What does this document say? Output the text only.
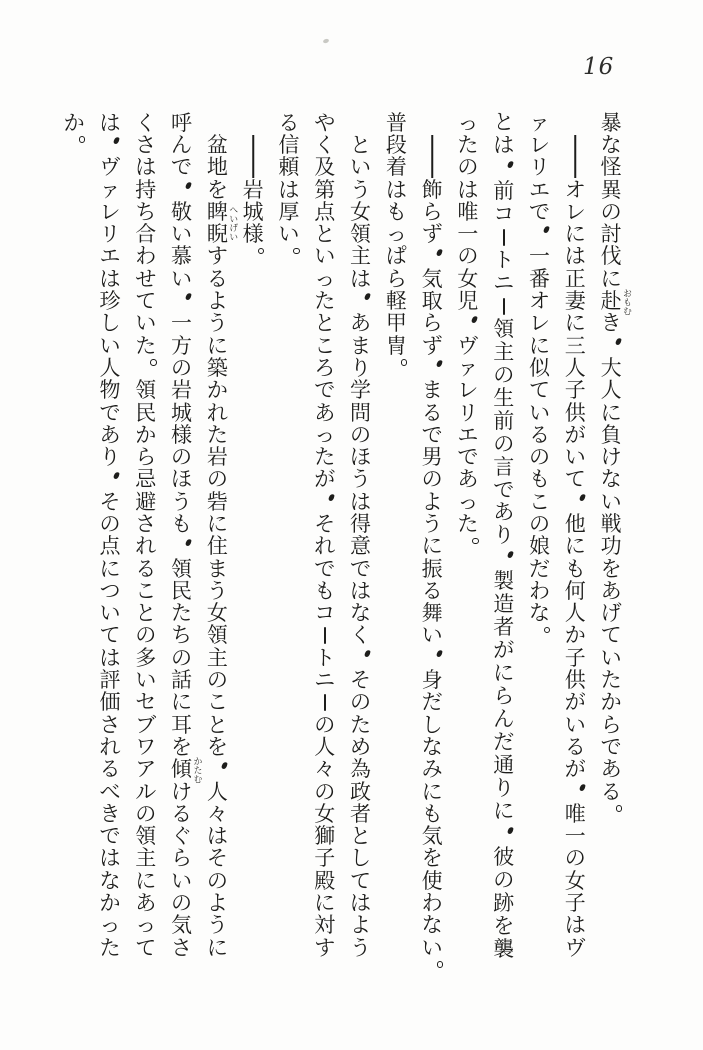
16
暴
な
怪
異
の
討
伐
に
赴 おもむ
き
大
人
に
負
け
な
い
戦
功
を
あ
げ
て
い
た
か
ら
で
あ
る
オ
レ
に
は
正
妻
に
三
人
子
供
が
い
て
他
に
も
何
人
か
子
供
が
い
る
が
唯
一
の
女
子
は
ヴ
ァ
レ
リ
エ
で
一
番
オ
レ
に
似
て
い
る
の
も
こ
の
娘
だ
わ
な
と
は
前
コ
ト
ニ
領
主
の
生
前
の
言
で
あ
り
製
造
者
が
に
ら
ん
だ
通
り
に
彼
の
跡
を
襲
っ
た
の
は
唯
一
の
女
児
ヴ
ァ
レ
リ
エ
で
あ
っ
た
飾
ら
ず
気
取
ら
ず
ま
る
で
男
の
よ
う
に
振
る
舞
い
身
だ
し
な
み
に
も
気
を
使
わ
な
い
普
段
着
は
も
っ
ぱ
ら
軽
甲
冑
と
い
う
女
領
主
は
あ
ま
り
学
問
の
ほ
う
は
得
意
で
は
な
く
そ
の
た
め
為
政
者
と
し
て
は
よ
う
や
く
及
第
点
と
い
っ
た
と
こ
ろ
で
あ
っ
た
が
そ
れ
で
も
コ
ト
ニ
の
人
々
の
女
獅
子
殿
に
対
す
る
信
頼
は
厚
い
岩
城
様
盆
地
を
睥
睨 へいげい
す
る
よ
う
に
築
か
れ
た
岩
の
砦
に
住
ま
う
女
領
主
の
こ
と
を
人
々
は
そ
の
よ
う
に
呼
ん
で
敬
い
慕
い
一
方
の
岩
城
様
の
ほ
う
も
領
民
た
ち
の
話
に
耳
を
傾 かたむ
け
る
ぐ
ら
い
の
気
さ
く
さ
は
持
ち
合
わ
せ
て
い
た
領
民
か
ら
忌
避
さ
れ
る
こ
と
の
多
い
セ
ブ
ワ
ア
ル
の
領
主
に
あ
っ
て
は
ヴ
ァ
レ
リ
エ
は
珍
し
い
人
物
で
あ
り
そ
の
点
に
つ
い
て
は
評
価
さ
れ
る
べ
き
で
は
な
か
っ
た
か
